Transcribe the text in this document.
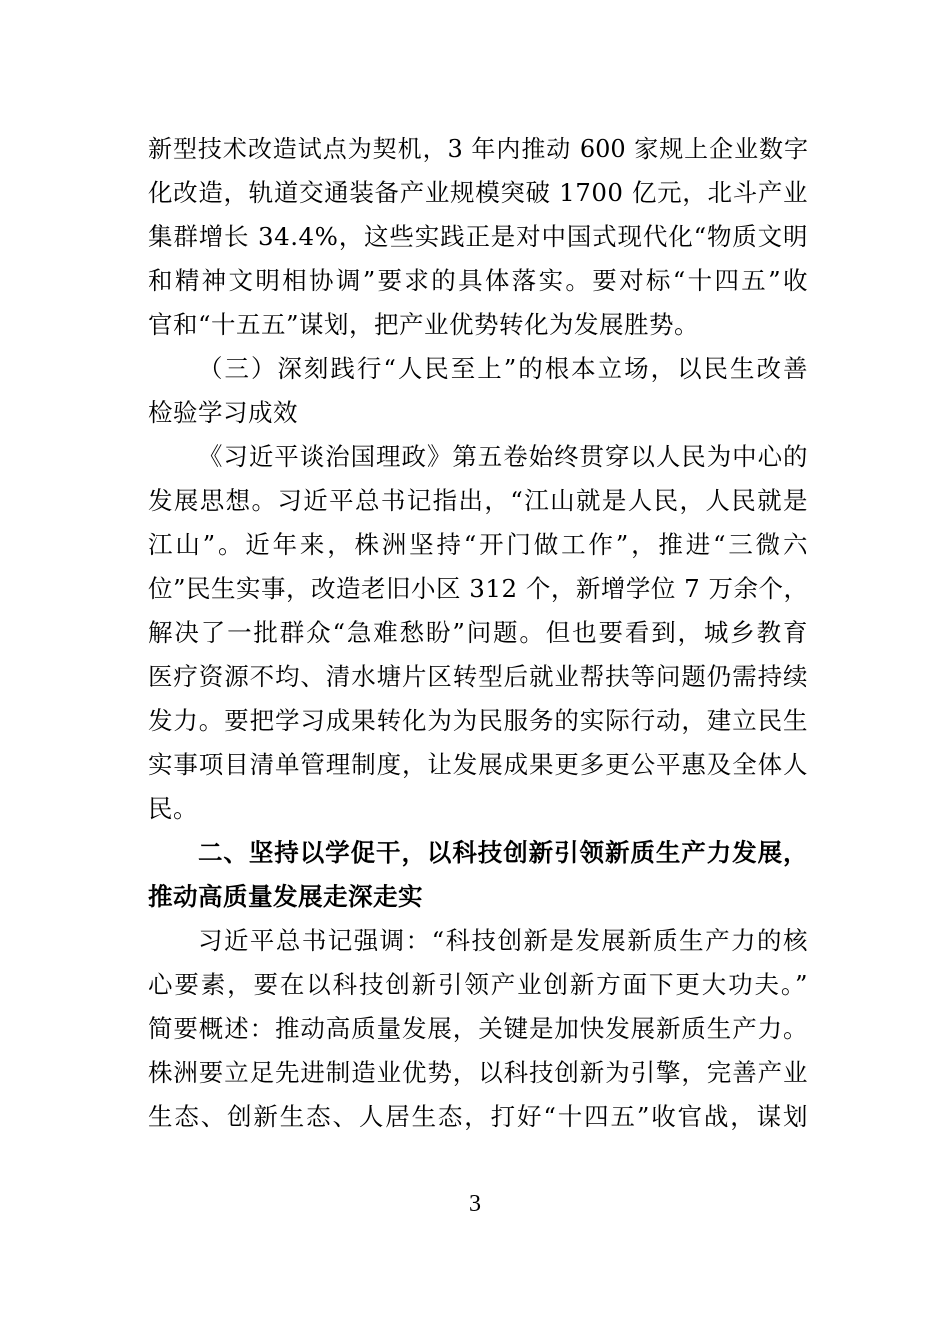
新型技术改造试点为契机，3 年内推动 600 家规上企业数字
化改造，轨道交通装备产业规模突破 1700 亿元，北斗产业
集群增长 34.4%，这些实践正是对中国式现代化“物质文明
和精神文明相协调”要求的具体落实。要对标“十四五”收
官和“十五五”谋划，把产业优势转化为发展胜势。
（三）深刻践行“人民至上”的根本立场，以民生改善
检验学习成效
《习近平谈治国理政》第五卷始终贯穿以人民为中心的
发展思想。习近平总书记指出，“江山就是人民，人民就是
江山”。近年来，株洲坚持“开门做工作”，推进“三微六
位”民生实事，改造老旧小区 312 个，新增学位 7 万余个，
解决了一批群众“急难愁盼”问题。但也要看到，城乡教育
医疗资源不均、清水塘片区转型后就业帮扶等问题仍需持续
发力。要把学习成果转化为为民服务的实际行动，建立民生
实事项目清单管理制度，让发展成果更多更公平惠及全体人
民。
二、坚持以学促干，以科技创新引领新质生产力发展，
推动高质量发展走深走实
习近平总书记强调：“科技创新是发展新质生产力的核
心要素，要在以科技创新引领产业创新方面下更大功夫。”
简要概述：推动高质量发展，关键是加快发展新质生产力。
株洲要立足先进制造业优势，以科技创新为引擎，完善产业
生态、创新生态、人居生态，打好“十四五”收官战，谋划
3
